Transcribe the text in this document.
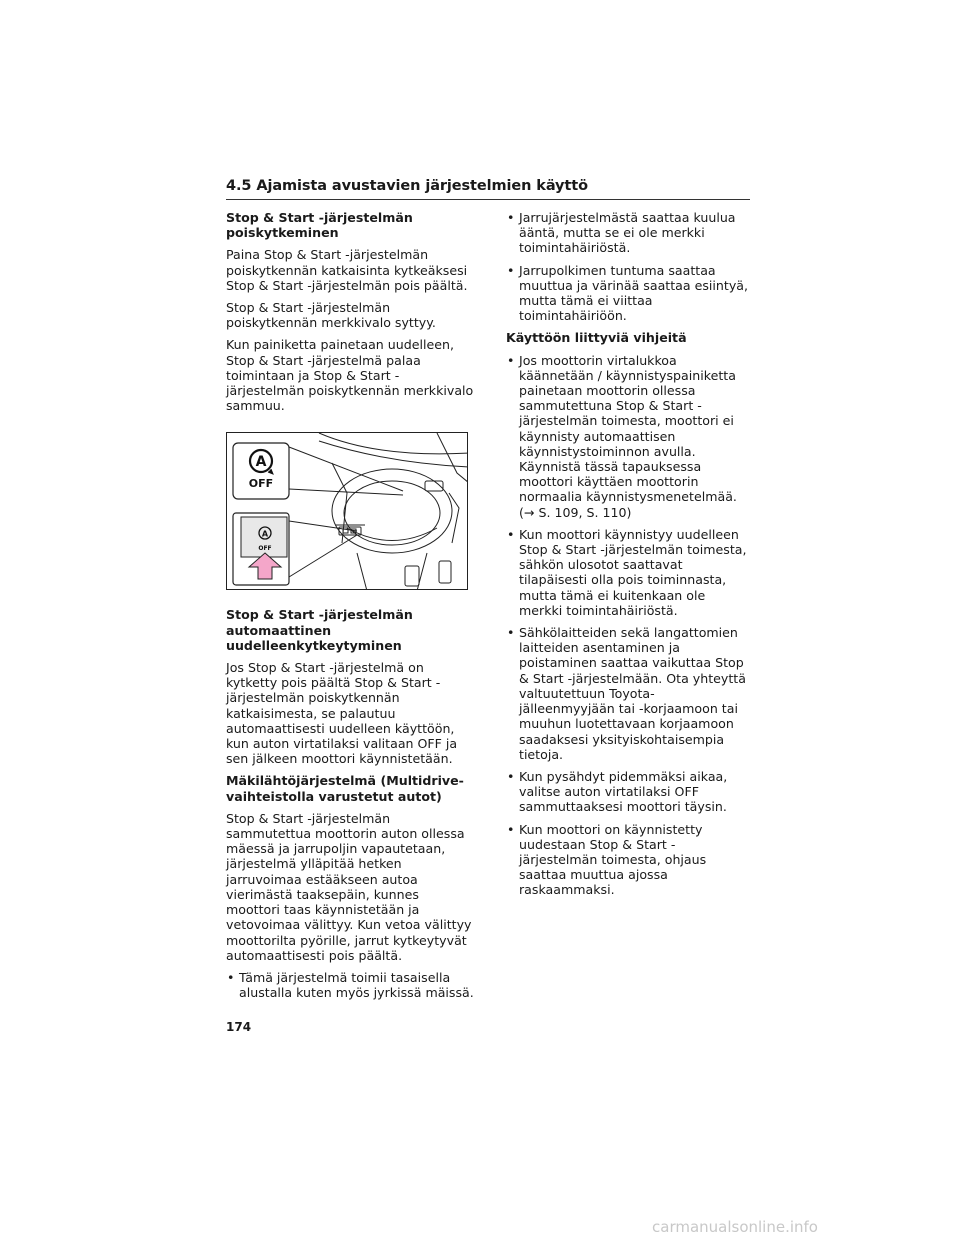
4.5 Ajamista avustavien järjestelmien käyttö
Stop & Start -järjestelmän poiskytkeminen
Paina Stop & Start -järjestelmän poiskytkennän katkaisinta kytkeäksesi Stop & Start -järjestelmän pois päältä.
Stop & Start -järjestelmän poiskytkennän merkkivalo syttyy.
Kun painiketta painetaan uudelleen, Stop & Start -järjestelmä palaa toimintaan ja Stop & Start -järjestelmän poiskytkennän merkkivalo sammuu.
A
A
OFF
OFF
Stop & Start -järjestelmän automaattinen uudelleenkytkeytyminen
Jos Stop & Start -järjestelmä on kytketty pois päältä Stop & Start -järjestelmän poiskytkennän katkaisimesta, se palautuu automaattisesti uudelleen käyttöön, kun auton virtatilaksi valitaan OFF ja sen jälkeen moottori käynnistetään.
Mäkilähtöjärjestelmä (Multidrive-vaihteistolla varustetut autot)
Stop & Start -järjestelmän sammutettua moottorin auton ollessa mäessä ja jarrupoljin vapautetaan, järjestelmä ylläpitää hetken jarruvoimaa estääkseen autoa vierimästä taaksepäin, kunnes moottori taas käynnistetään ja vetovoimaa välittyy. Kun vetoa välittyy moottorilta pyörille, jarrut kytkeytyvät automaattisesti pois päältä.
• Tämä järjestelmä toimii tasaisella alustalla kuten myös jyrkissä mäissä.
• Jarrujärjestelmästä saattaa kuulua ääntä, mutta se ei ole merkki toimintahäiriöstä.
• Jarrupolkimen tuntuma saattaa muuttua ja värinää saattaa esiintyä, mutta tämä ei viittaa toimintahäiriöön.
Käyttöön liittyviä vihjeitä
• Jos moottorin virtalukkoa käännetään / käynnistyspainiketta painetaan moottorin ollessa sammutettuna Stop & Start -järjestelmän toimesta, moottori ei käynnisty automaattisen käynnistystoiminnon avulla. Käynnistä tässä tapauksessa moottori käyttäen moottorin normaalia käynnistysmenetelmää. (→ S. 109, S. 110)
• Kun moottori käynnistyy uudelleen Stop & Start -järjestelmän toimesta, sähkön ulosotot saattavat tilapäisesti olla pois toiminnasta, mutta tämä ei kuitenkaan ole merkki toimintahäiriöstä.
• Sähkölaitteiden sekä langattomien laitteiden asentaminen ja poistaminen saattaa vaikuttaa Stop & Start -järjestelmään. Ota yhteyttä valtuutettuun Toyota-jälleenmyyjään tai -korjaamoon tai muuhun luotettavaan korjaamoon saadaksesi yksityiskohtaisempia tietoja.
• Kun pysähdyt pidemmäksi aikaa, valitse auton virtatilaksi OFF sammuttaaksesi moottori täysin.
• Kun moottori on käynnistetty uudestaan Stop & Start -järjestelmän toimesta, ohjaus saattaa muuttua ajossa raskaammaksi.
174
carmanualsonline.info
